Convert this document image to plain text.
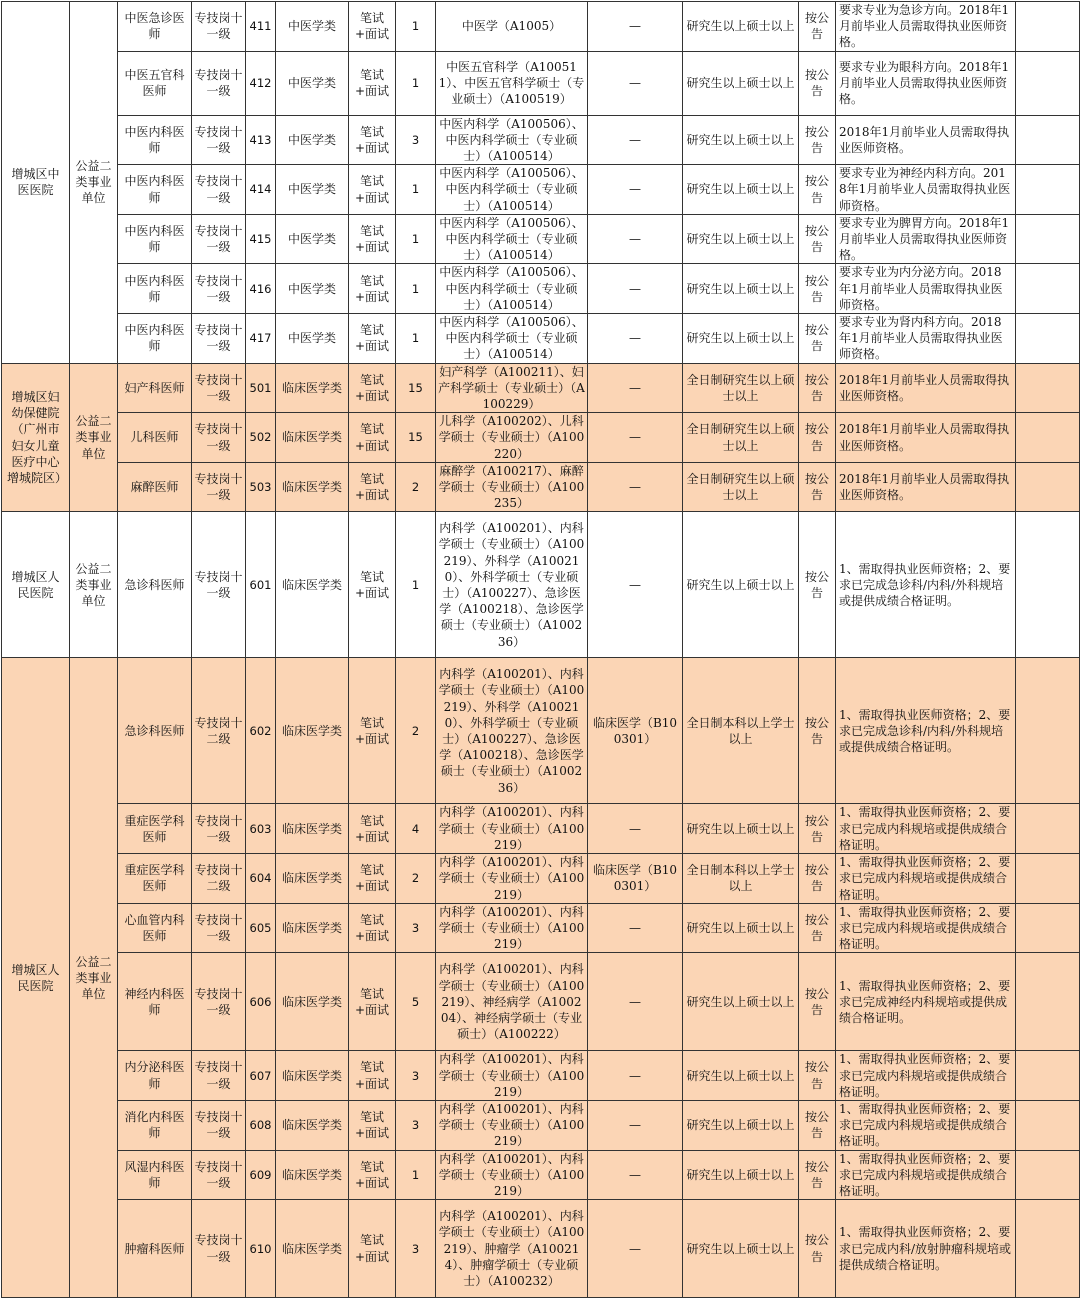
增城区中医医院	公益二类事业单位	中医急诊医师	专技岗十一级	411	中医学类	笔试+面试	1	中医学（A1005）	—	研究生以上硕士以上	按公告	要求专业为急诊方向。2018年1月前毕业人员需取得执业医师资格。	
		中医五官科医师	专技岗十一级	412	中医学类	笔试+面试	1	中医五官科学（A100511）、中医五官科学硕士（专业硕士）（A100519）	—	研究生以上硕士以上	按公告	要求专业为眼科方向。2018年1月前毕业人员需取得执业医师资格。	
		中医内科医师	专技岗十一级	413	中医学类	笔试+面试	3	中医内科学（A100506）、中医内科学硕士（专业硕士）（A100514）	—	研究生以上硕士以上	按公告	2018年1月前毕业人员需取得执业医师资格。	
		中医内科医师	专技岗十一级	414	中医学类	笔试+面试	1	中医内科学（A100506）、中医内科学硕士（专业硕士）（A100514）	—	研究生以上硕士以上	按公告	要求专业为神经内科方向。2018年1月前毕业人员需取得执业医师资格。	
		中医内科医师	专技岗十一级	415	中医学类	笔试+面试	1	中医内科学（A100506）、中医内科学硕士（专业硕士）（A100514）	—	研究生以上硕士以上	按公告	要求专业为脾胃方向。2018年1月前毕业人员需取得执业医师资格。	
		中医内科医师	专技岗十一级	416	中医学类	笔试+面试	1	中医内科学（A100506）、中医内科学硕士（专业硕士）（A100514）	—	研究生以上硕士以上	按公告	要求专业为内分泌方向。2018年1月前毕业人员需取得执业医师资格。	
		中医内科医师	专技岗十一级	417	中医学类	笔试+面试	1	中医内科学（A100506）、中医内科学硕士（专业硕士）（A100514）	—	研究生以上硕士以上	按公告	要求专业为肾内科方向。2018年1月前毕业人员需取得执业医师资格。	
增城区妇幼保健院（广州市妇女儿童医疗中心增城院区）	公益二类事业单位	妇产科医师	专技岗十一级	501	临床医学类	笔试+面试	15	妇产科学（A100211）、妇产科学硕士（专业硕士）（A100229）	—	全日制研究生以上硕士以上	按公告	2018年1月前毕业人员需取得执业医师资格。	
		儿科医师	专技岗十一级	502	临床医学类	笔试+面试	15	儿科学（A100202）、儿科学硕士（专业硕士）（A100220）	—	全日制研究生以上硕士以上	按公告	2018年1月前毕业人员需取得执业医师资格。	
		麻醉医师	专技岗十一级	503	临床医学类	笔试+面试	2	麻醉学（A100217）、麻醉学硕士（专业硕士）（A100235）	—	全日制研究生以上硕士以上	按公告	2018年1月前毕业人员需取得执业医师资格。	
增城区人民医院	公益二类事业单位	急诊科医师	专技岗十一级	601	临床医学类	笔试+面试	1	内科学（A100201）、内科学硕士（专业硕士）（A100219）、外科学（A100210）、外科学硕士（专业硕士）（A100227）、急诊医学（A100218）、急诊医学硕士（专业硕士）（A100236）	—	研究生以上硕士以上	按公告	1、需取得执业医师资格；2、要求已完成急诊科/内科/外科规培或提供成绩合格证明。	
增城区人民医院	公益二类事业单位	急诊科医师	专技岗十二级	602	临床医学类	笔试+面试	2	内科学（A100201）、内科学硕士（专业硕士）（A100219）、外科学（A100210）、外科学硕士（专业硕士）（A100227）、急诊医学（A100218）、急诊医学硕士（专业硕士）（A100236）	临床医学（B100301）	全日制本科以上学士以上	按公告	1、需取得执业医师资格；2、要求已完成急诊科/内科/外科规培或提供成绩合格证明。	
		重症医学科医师	专技岗十一级	603	临床医学类	笔试+面试	4	内科学（A100201）、内科学硕士（专业硕士）（A100219）	—	研究生以上硕士以上	按公告	1、需取得执业医师资格；2、要求已完成内科规培或提供成绩合格证明。	
		重症医学科医师	专技岗十二级	604	临床医学类	笔试+面试	2	内科学（A100201）、内科学硕士（专业硕士）（A100219）	临床医学（B100301）	全日制本科以上学士以上	按公告	1、需取得执业医师资格；2、要求已完成内科规培或提供成绩合格证明。	
		心血管内科医师	专技岗十一级	605	临床医学类	笔试+面试	3	内科学（A100201）、内科学硕士（专业硕士）（A100219）	—	研究生以上硕士以上	按公告	1、需取得执业医师资格；2、要求已完成内科规培或提供成绩合格证明。	
		神经内科医师	专技岗十一级	606	临床医学类	笔试+面试	5	内科学（A100201）、内科学硕士（专业硕士）（A100219）、神经病学（A100204）、神经病学硕士（专业硕士）（A100222）	—	研究生以上硕士以上	按公告	1、需取得执业医师资格；2、要求已完成神经内科规培或提供成绩合格证明。	
		内分泌科医师	专技岗十一级	607	临床医学类	笔试+面试	3	内科学（A100201）、内科学硕士（专业硕士）（A100219）	—	研究生以上硕士以上	按公告	1、需取得执业医师资格；2、要求已完成内科规培或提供成绩合格证明。	
		消化内科医师	专技岗十一级	608	临床医学类	笔试+面试	3	内科学（A100201）、内科学硕士（专业硕士）（A100219）	—	研究生以上硕士以上	按公告	1、需取得执业医师资格；2、要求已完成内科规培或提供成绩合格证明。	
		风湿内科医师	专技岗十一级	609	临床医学类	笔试+面试	1	内科学（A100201）、内科学硕士（专业硕士）（A100219）	—	研究生以上硕士以上	按公告	1、需取得执业医师资格；2、要求已完成内科规培或提供成绩合格证明。	
		肿瘤科医师	专技岗十一级	610	临床医学类	笔试+面试	3	内科学（A100201）、内科学硕士（专业硕士）（A100219）、肿瘤学（A100214）、肿瘤学硕士（专业硕士）（A100232）	—	研究生以上硕士以上	按公告	1、需取得执业医师资格；2、要求已完成内科/放射肿瘤科规培或提供成绩合格证明。	
